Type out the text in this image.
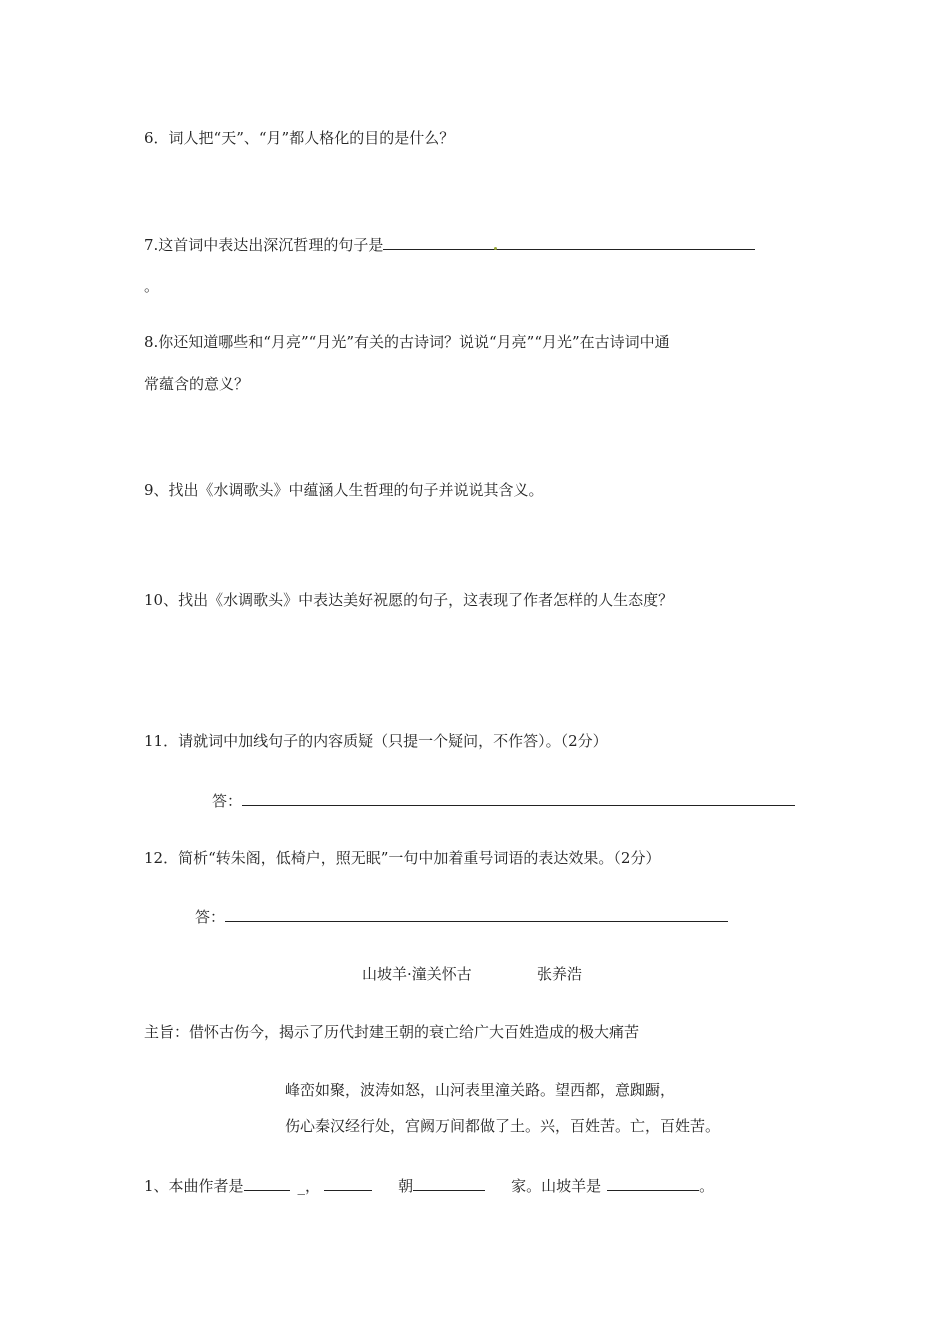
6．词人把“天”、“月”都人格化的目的是什么？
7.这首词中表达出深沉哲理的句子是
。
8.你还知道哪些和“月亮”“月光”有关的古诗词？说说“月亮”“月光”在古诗词中通
常蕴含的意义？
9、找出《水调歌头》中蕴涵人生哲理的句子并说说其含义。
10、找出《水调歌头》中表达美好祝愿的句子，这表现了作者怎样的人生态度？
11．请就词中加线句子的内容质疑（只提一个疑问，不作答）。（2分）
答：
12．简析“转朱阁，低椅户，照无眠”一句中加着重号词语的表达效果。（2分）
答：
山坡羊·潼关怀古	张养浩
主旨：借怀古伤今，揭示了历代封建王朝的衰亡给广大百姓造成的极大痛苦
峰峦如聚，波涛如怒，山河表里潼关路。望西都，意踟蹰，
伤心秦汉经行处，宫阙万间都做了土。兴，百姓苦。亡，百姓苦。
1、本曲作者是	_，	朝	家。山坡羊是	。
